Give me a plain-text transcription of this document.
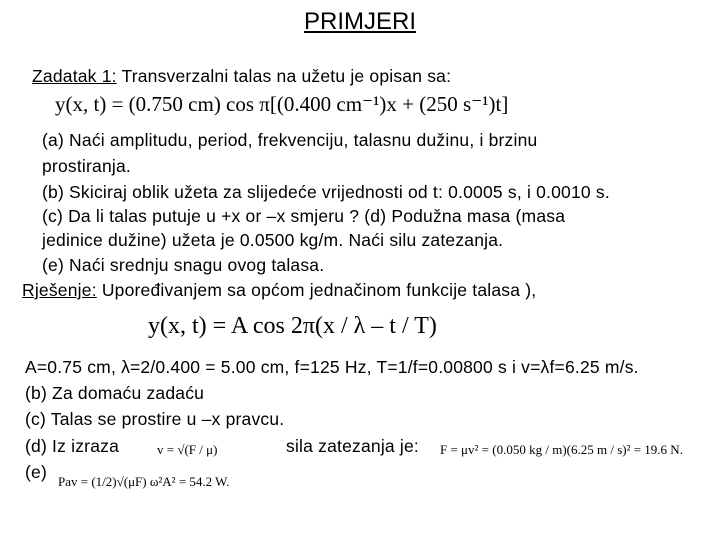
PRIMJERI
Zadatak 1: Transverzalni talas na užetu je opisan sa:
y(x, t) = (0.750 cm) cos π[(0.400 cm⁻¹)x + (250 s⁻¹)t]
(a) Naći amplitudu, period, frekvenciju, talasnu dužinu, i brzinu
prostiranja.
(b) Skiciraj oblik užeta za slijedeće vrijednosti od t: 0.0005 s, i 0.0010 s.
(c) Da li talas putuje u +x or –x smjeru ? (d) Podužna masa (masa
jedinice dužine) užeta je 0.0500 kg/m. Naći silu zatezanja.
(e) Naći srednju snagu ovog talasa.
Rješenje: Upoređivanjem sa općom jednačinom funkcije talasa ),
y(x, t) = A cos 2π(x / λ – t / T)
A=0.75 cm, λ=2/0.400 = 5.00 cm, f=125 Hz, T=1/f=0.00800 s i v=λf=6.25 m/s.
(b) Za domaću zadaću
(c) Talas se prostire u –x pravcu.
(d) Iz izraza	v = √(F / μ)	sila zatezanja je: F = μv² = (0.050 kg / m)(6.25 m / s)² = 19.6 N.
(e) Pav = (1/2)√(μF) ω²A² = 54.2 W.
